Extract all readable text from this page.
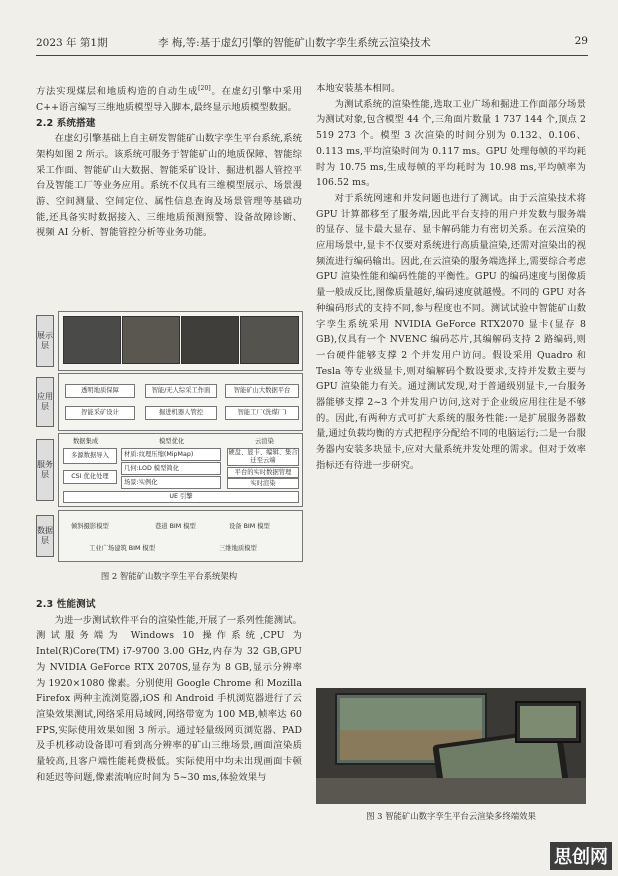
2023 年 第1期	李 梅,等:基于虚幻引擎的智能矿山数字孪生系统云渲染技术	29

方法实现煤层和地质构造的自动生成[20]。在虚幻引擎中采用 C++语言编写三维地质模型导入脚本,最终显示地质模型数据。

2.2 系统搭建

在虚幻引擎基础上自主研发智能矿山数字孪生平台系统,系统架构如图 2 所示。该系统可服务于智能矿山的地质保障、智能综采工作面、智能矿山大数据、智能采矿设计、掘进机器人管控平台及智能工厂等业务应用。系统不仅具有三维模型展示、场景漫游、空间测量、空间定位、属性信息查询及场景管理等基础功能,还具备实时数据接入、三维地质预测预警、设备故障诊断、视频 AI 分析、智能管控分析等业务功能。

展示层
应用层
透明地质保障	智能/无人综采工作面	智能矿山大数据平台
智能采矿设计	掘进机器人管控	智能工厂(洗煤厂)
服务层
数据集成	模型优化	云渲染
多源数据导入
CSI 优化处理
材质:纹理压缩(MipMap)
几何:LOD 模型简化
场景:实例化
硬盘、显卡、编辑、集合迁至云端
平台的实时数据管理
实时渲染
UE 引擎
数据层
倾斜摄影模型	巷道 BIM 模型	设备 BIM 模型
工业广场建筑 BIM 模型	三维地质模型
图 2 智能矿山数字孪生平台系统架构

2.3 性能测试

为进一步测试软件平台的渲染性能,开展了一系列性能测试。测试服务端为 Windows 10 操作系统,CPU 为 Intel(R)Core(TM) i7-9700 3.00 GHz,内存为 32 GB,GPU 为 NVIDIA GeForce RTX 2070S,显存为 8 GB,显示分辨率为 1920×1080 像素。分别使用 Google Chrome 和 Mozilla Firefox 两种主流浏览器,iOS 和 Android 手机浏览器进行了云渲染效果测试,网络采用局域网,网络带宽为 100 MB,帧率达 60 FPS,实际使用效果如图 3 所示。通过轻量级网页浏览器、PAD 及手机移动设备即可看到高分辨率的矿山三维场景,画面渲染质量较高,且客户端性能耗费极低。实际使用中均未出现画面卡顿和延迟等问题,像素流响应时间为 5~30 ms,体验效果与

本地安装基本相同。

为测试系统的渲染性能,选取工业广场和掘进工作面部分场景为测试对象,包含模型 44 个,三角面片数量 1 737 144 个,顶点 2 519 273 个。模型 3 次渲染的时间分别为 0.132、0.106、0.113 ms,平均渲染时间为 0.117 ms。GPU 处理每帧的平均耗时为 10.75 ms,生成每帧的平均耗时为 10.98 ms,平均帧率为 106.52 ms。

对于系统网速和并发问题也进行了测试。由于云渲染技术将 GPU 计算都移至了服务端,因此平台支持的用户并发数与服务端的显存、显卡最大显存、显卡解码能力有密切关系。在云渲染的应用场景中,显卡不仅要对系统进行高质量渲染,还需对渲染出的视频流进行编码输出。因此,在云渲染的服务端选择上,需要综合考虑 GPU 渲染性能和编码性能的平衡性。GPU 的编码速度与图像质量一般成反比,图像质量越好,编码速度就越慢。不同的 GPU 对各种编码形式的支持不同,参与程度也不同。测试试验中智能矿山数字孪生系统采用 NVIDIA GeForce RTX2070 显卡(显存 8 GB),仅具有一个 NVENC 编码芯片,其编解码支持 2 路编码,则一台硬件能够支撑 2 个并发用户访问。假设采用 Quadro 和 Tesla 等专业级显卡,则对编解码个数设要求,支持并发数主要与 GPU 渲染能力有关。通过测试发现,对于普通级别显卡,一台服务器能够支撑 2~3 个并发用户访问,这对于企业级应用往往是不够的。因此,有两种方式可扩大系统的服务性能:一是扩展服务器数量,通过负载均衡的方式把程序分配给不同的电脑运行;二是一台服务器内安装多块显卡,应对大量系统并发处理的需求。但对于效率指标还有待进一步研究。

图 3 智能矿山数字孪生平台云渲染多终端效果
思创网
